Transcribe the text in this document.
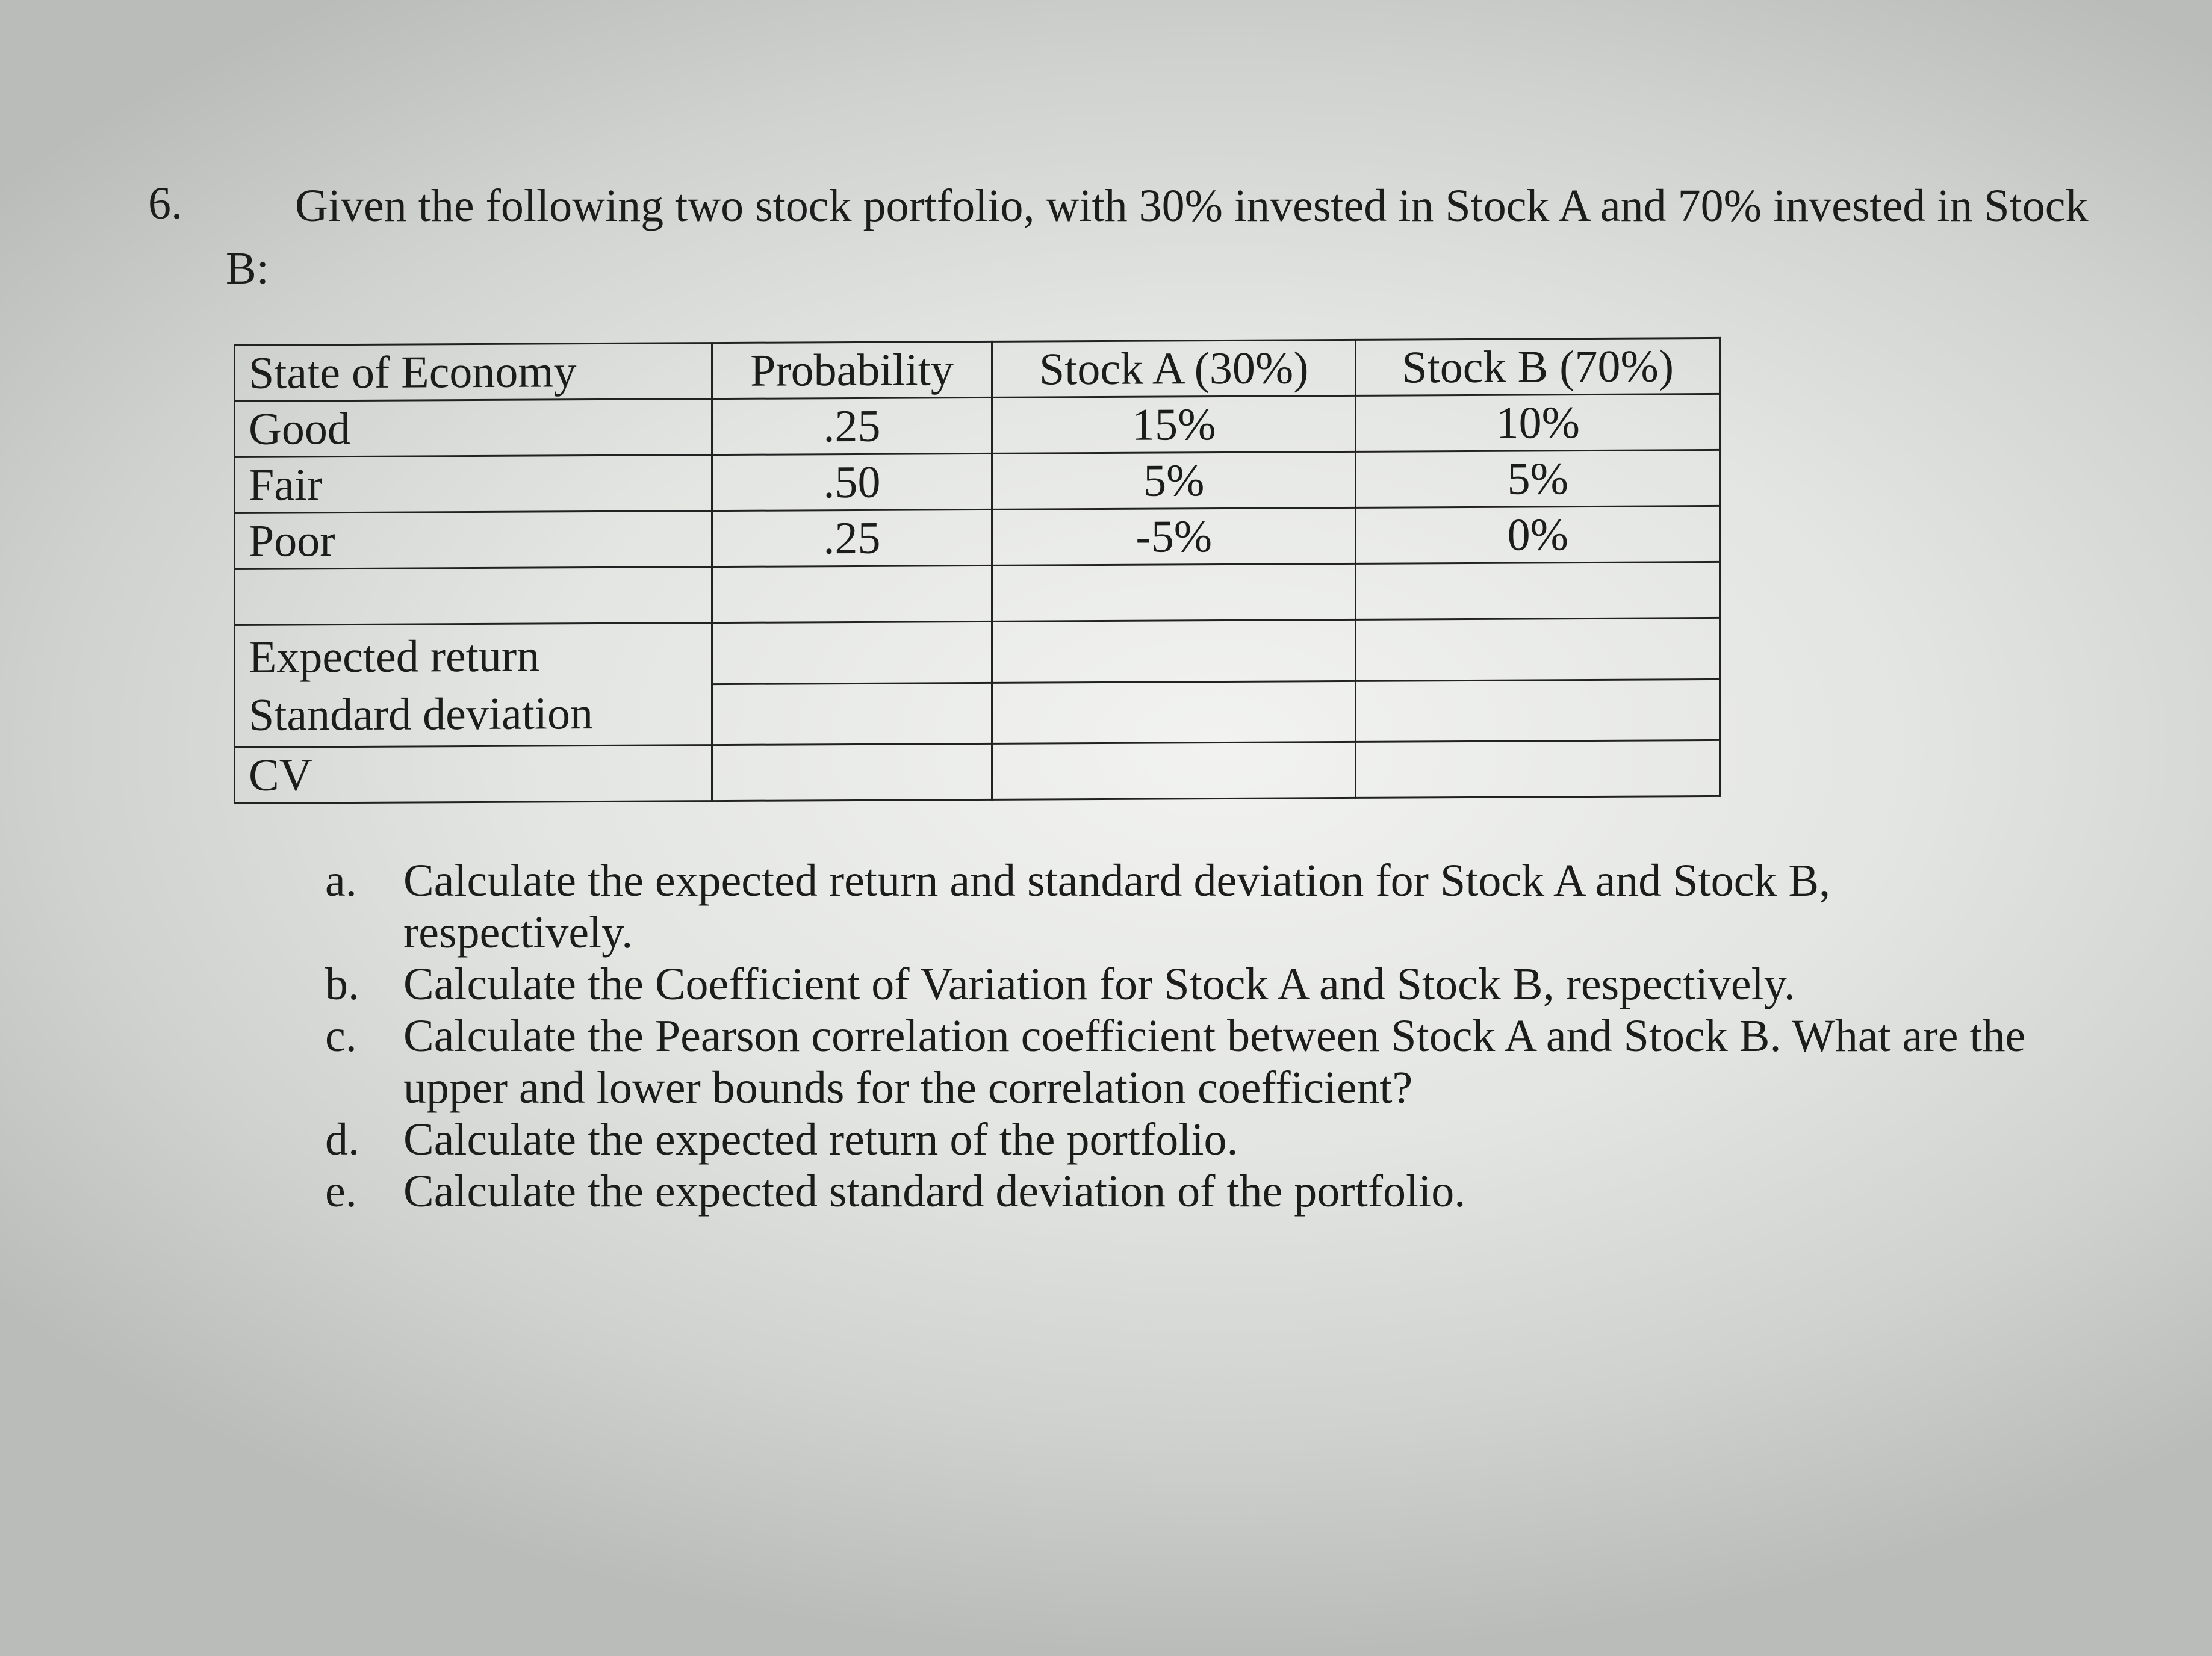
6.	Given the following two stock portfolio, with 30% invested in Stock A and 70% invested in Stock B:
State of Economy	Probability	Stock A (30%)	Stock B (70%)
Good	.25	15%	10%
Fair	.50	5%	5%
Poor	.25	-5%	0%

Expected return
Standard deviation			

CV			
a. Calculate the expected return and standard deviation for Stock A and Stock B, respectively.
b. Calculate the Coefficient of Variation for Stock A and Stock B, respectively.
c. Calculate the Pearson correlation coefficient between Stock A and Stock B. What are the upper and lower bounds for the correlation coefficient?
d. Calculate the expected return of the portfolio.
e. Calculate the expected standard deviation of the portfolio.
